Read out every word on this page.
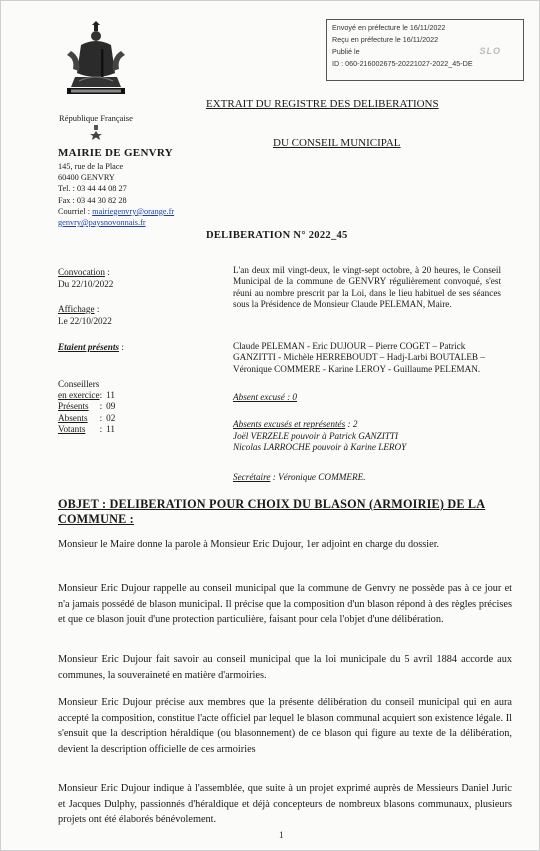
Envoyé en préfecture le 16/11/2022
Reçu en préfecture le 16/11/2022
Publié le
ID : 060-216002675-20221027-2022_45-DE
SLO
République Française
MAIRIE DE GENVRY
145, rue de la Place
60400 GENVRY
Tel. : 03 44 44 08 27
Fax : 03 44 30 82 28
Courriel : mairiegenvry@orange.fr
genvry@paysnovonnais.fr
EXTRAIT DU REGISTRE DES DELIBERATIONS
DU CONSEIL MUNICIPAL
DELIBERATION N° 2022_45
Convocation :
Du 22/10/2022
Affichage :
Le 22/10/2022
Etaient présents :
L'an deux mil vingt-deux, le vingt-sept octobre, à 20 heures, le Conseil Municipal de la commune de GENVRY régulièrement convoqué, s'est réuni au nombre prescrit par la Loi, dans le lieu habituel de ses séances sous la Présidence de Monsieur Claude PELEMAN, Maire.
Claude PELEMAN - Eric DUJOUR – Pierre COGET – Patrick GANZITTI - Michèle HERREBOUDT – Hadj-Larbi BOUTALEB – Véronique COMMERE - Karine LEROY - Guillaume PELEMAN.
Conseillers
en exercice	:	11
Présents	:	09
Absents	:	02
Votants	:	11
Absent excusé : 0
Absents excusés et représentés : 2
Joël VERZELE pouvoir à Patrick GANZITTI
Nicolas LARROCHE pouvoir à Karine LEROY
Secrétaire : Véronique COMMERE.
OBJET : DELIBERATION POUR CHOIX DU BLASON (ARMOIRIE) DE LA COMMUNE :
Monsieur le Maire donne la parole à Monsieur Eric Dujour, 1er adjoint en charge du dossier.
Monsieur Eric Dujour rappelle au conseil municipal que la commune de Genvry ne possède pas à ce jour et n'a jamais possédé de blason municipal. Il précise que la composition d'un blason répond à des règles précises et que ce blason jouit d'une protection particulière, faisant pour cela l'objet d'une délibération.
Monsieur Eric Dujour fait savoir au conseil municipal que la loi municipale du 5 avril 1884 accorde aux communes, la souveraineté en matière d'armoiries.
Monsieur Eric Dujour précise aux membres que la présente délibération du conseil municipal qui en aura accepté la composition, constitue l'acte officiel par lequel le blason communal acquiert son existence légale. Il s'ensuit que la description héraldique (ou blasonnement) de ce blason qui figure au texte de la délibération, devient la description officielle de ces armoiries
Monsieur Eric Dujour indique à l'assemblée, que suite à un projet exprimé auprès de Messieurs Daniel Juric et Jacques Dulphy, passionnés d'héraldique et déjà concepteurs de nombreux blasons communaux, plusieurs projets ont été élaborés bénévolement.
1
